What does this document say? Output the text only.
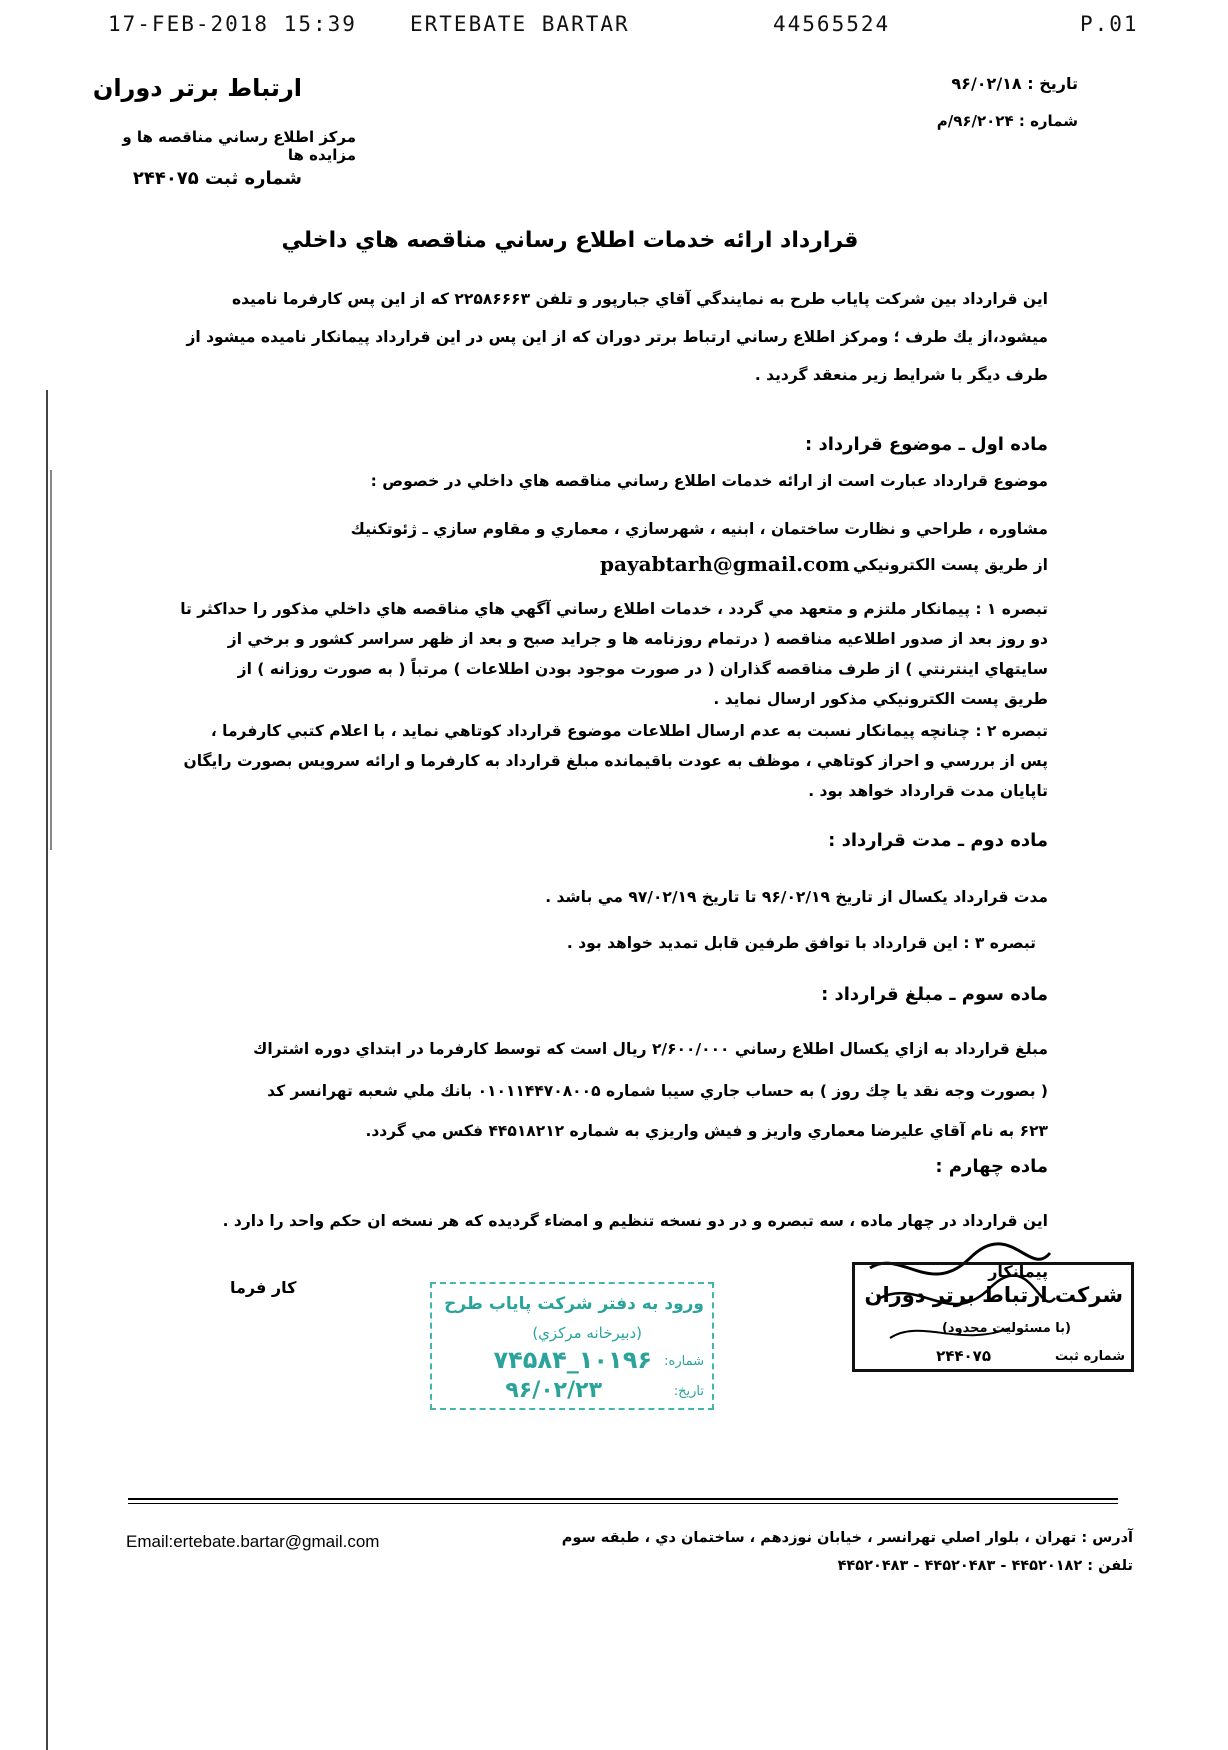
17-FEB-2018 15:39	ERTEBATE BARTAR	44565524	P.01
ارتباط برتر دوران
مرکز اطلاع رساني مناقصه ها و مزايده ها
شماره ثبت ۲۴۴۰۷۵
تاريخ : ۹۶/۰۲/۱۸
شماره : ۹۶/۲۰۲۴/م
قرارداد ارائه خدمات اطلاع رساني مناقصه هاي داخلي
اين قرارداد بين شرکت پاياب طرح به نمايندگي آقاي جبارپور و تلفن ۲۲۵۸۶۶۶۳ که از اين پس کارفرما ناميده
ميشود،از يك طرف ؛ ومركز اطلاع رساني ارتباط برتر دوران كه از اين پس در اين قرارداد پيمانكار ناميده ميشود از
طرف ديگر با شرايط زير منعقد گرديد .
ماده اول ـ موضوع قرارداد :
موضوع قرارداد عبارت است از ارائه خدمات اطلاع رساني مناقصه هاي داخلي در خصوص :
مشاوره ، طراحي و نظارت ساختمان ، ابنيه ، شهرسازي ، معماري و مقاوم سازي ـ ژئوتكنيك
از طريق پست الكترونيكي
payabtarh@gmail.com
تبصره ۱ : پيمانكار ملتزم و متعهد مي گردد ، خدمات اطلاع رساني آگهي هاي مناقصه هاي داخلي مذكور را حداكثر تا
دو روز بعد از صدور اطلاعيه مناقصه ( درتمام روزنامه ها و جرايد صبح و بعد از ظهر سراسر كشور و برخي از
سايتهاي اينترنتي ) از طرف مناقصه گذاران ( در صورت موجود بودن اطلاعات ) مرتباً ( به صورت روزانه ) از
طريق پست الكترونيكي مذكور ارسال نمايد .
تبصره ۲ : چنانچه پيمانكار نسبت به عدم ارسال اطلاعات موضوع قرارداد كوتاهي نمايد ، با اعلام كتبي كارفرما ،
پس از بررسي و احراز كوتاهي ، موظف به عودت باقيمانده مبلغ قرارداد به كارفرما و ارائه سرويس بصورت رايگان
تاپايان مدت قرارداد خواهد بود .
ماده دوم ـ مدت قرارداد :
مدت قرارداد يكسال از تاريخ ۹۶/۰۲/۱۹ تا تاريخ ۹۷/۰۲/۱۹ مي باشد .
تبصره ۳ : اين قرارداد با توافق طرفين قابل تمديد خواهد بود .
ماده سوم ـ مبلغ قرارداد :
مبلغ قرارداد به ازاي يكسال اطلاع رساني ۲/۶۰۰/۰۰۰ ريال است كه توسط كارفرما در ابتداي دوره اشتراك
( بصورت وجه نقد يا چك روز ) به حساب جاري سيبا شماره ۰۱۰۱۱۴۴۷۰۸۰۰۵ بانك ملي شعبه تهرانسر كد
۶۲۳ به نام آقاي عليرضا معماري واريز و فيش واريزي به شماره ۴۴۵۱۸۲۱۲ فكس مي گردد.
ماده چهارم :
اين قرارداد در چهار ماده ، سه تبصره و در دو نسخه تنظيم و امضاء گرديده كه هر نسخه ان حكم واحد را دارد .
كار فرما
پيمانكار
شرکت ارتباط برتر دوران
(با مسئوليت محدود)
شماره ثبت
۲۴۴۰۷۵
ورود به دفتر شرکت پاياب طرح
(دبيرخانه مرکزي)
شماره:
۱۰۱۹۶_۷۴۵۸۴
تاريخ:
۹۶/۰۲/۲۳
Email:ertebate.bartar@gmail.com	آدرس : تهران ، بلوار اصلي تهرانسر ، خيابان نوزدهم ، ساختمان دي ، طبقه سوم
تلفن : ۴۴۵۲۰۱۸۲ - ۴۴۵۲۰۴۸۳ - ۴۴۵۲۰۴۸۳
